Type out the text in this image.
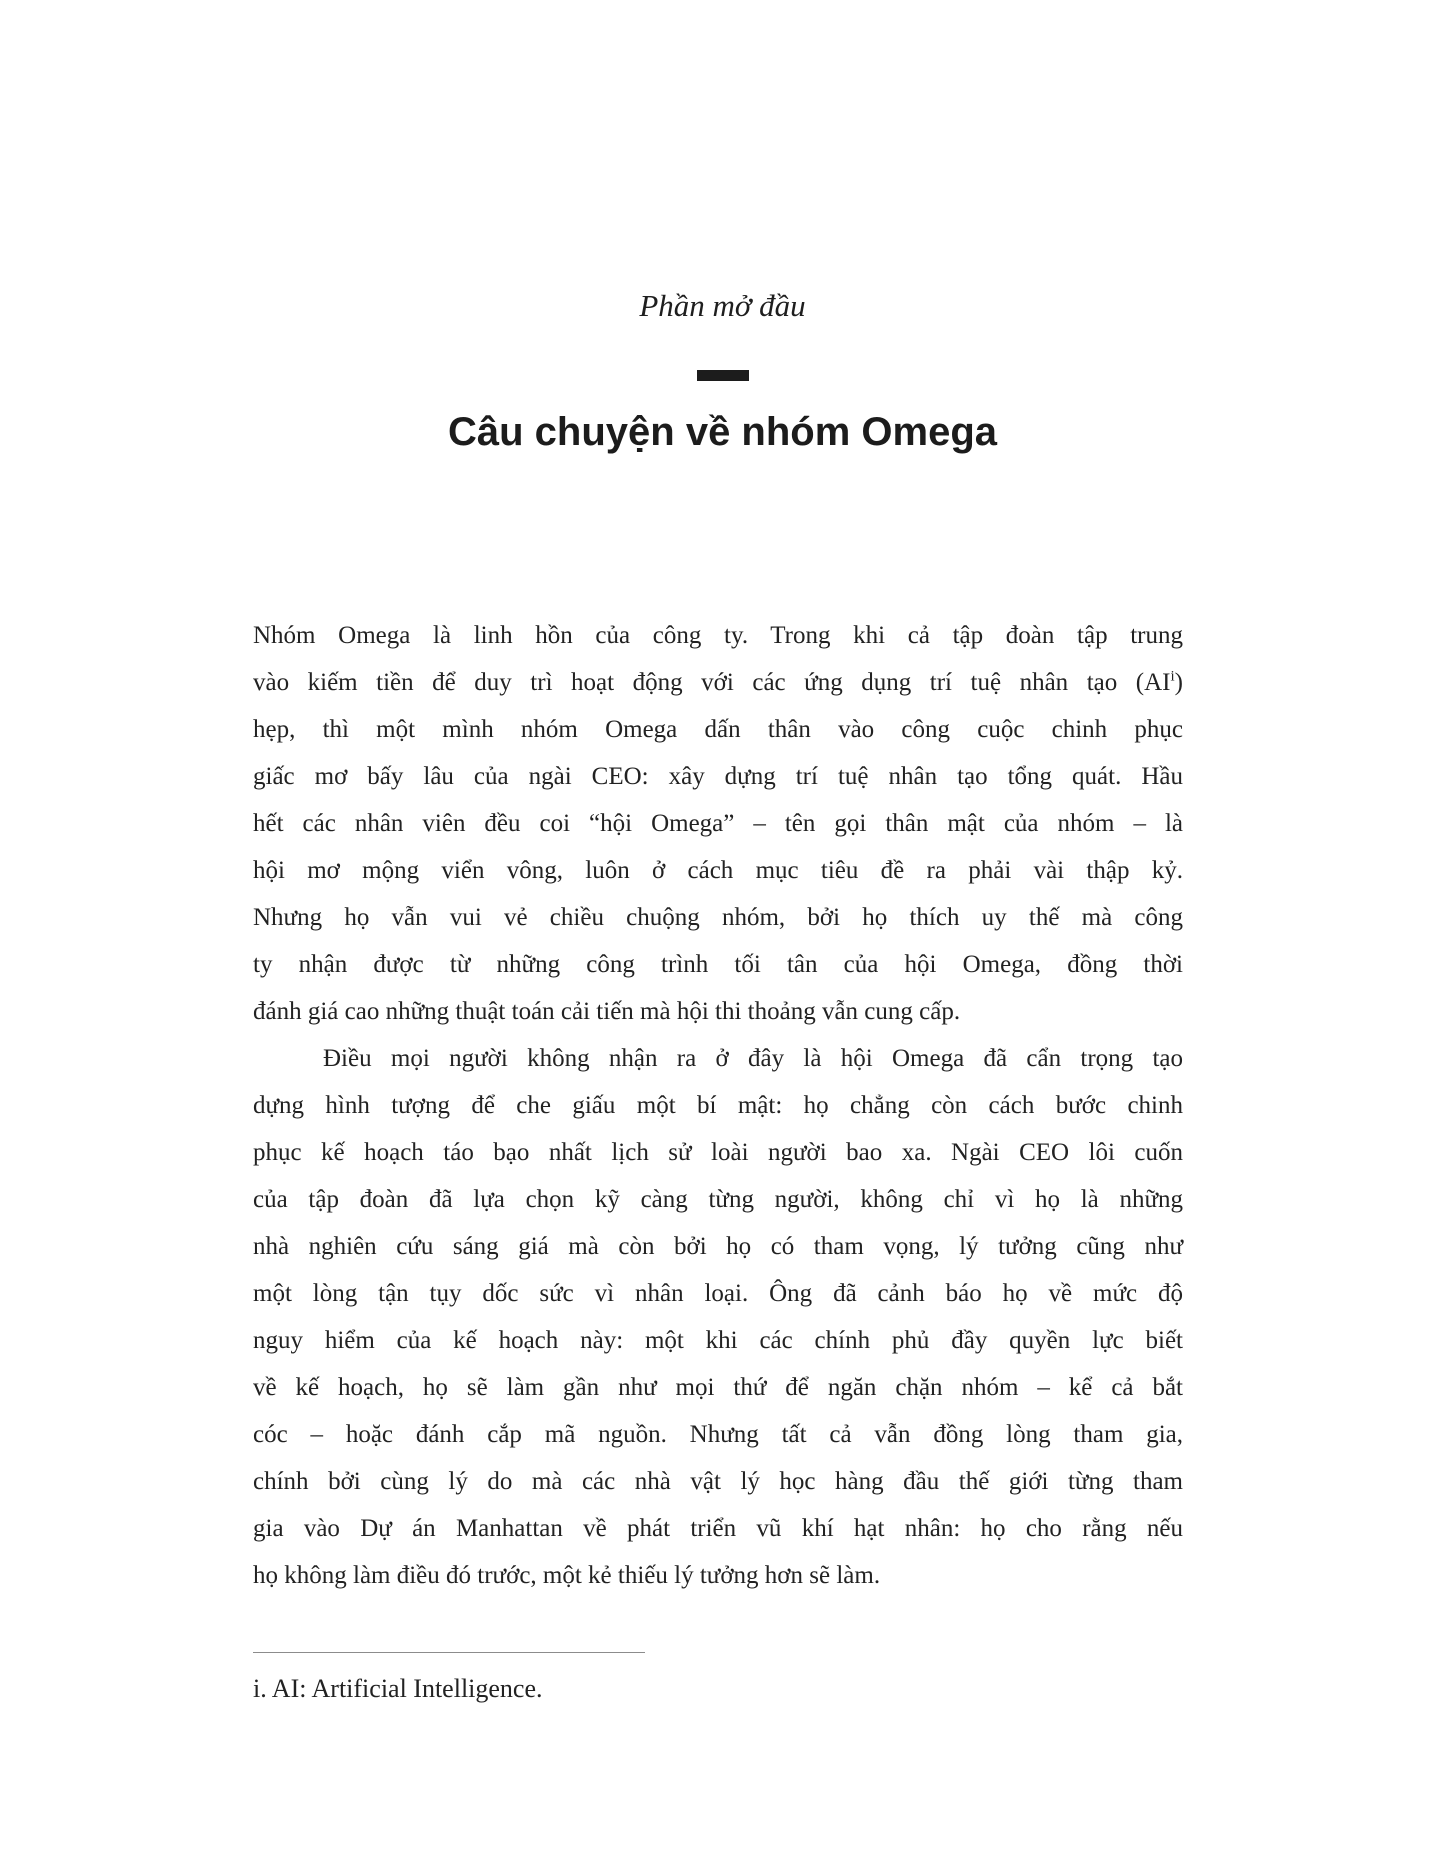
Phần mở đầu
Câu chuyện về nhóm Omega
Nhóm Omega là linh hồn của công ty. Trong khi cả tập đoàn tập trung
vào kiếm tiền để duy trì hoạt động với các ứng dụng trí tuệ nhân tạo $(AI^i)$
hẹp, thì một mình nhóm Omega dấn thân vào công cuộc chinh phục
giấc mơ bấy lâu của ngài CEO: xây dựng trí tuệ nhân tạo tổng quát. Hầu
hết các nhân viên đều coi “hội Omega” – tên gọi thân mật của nhóm – là
hội mơ mộng viển vông, luôn ở cách mục tiêu đề ra phải vài thập kỷ.
Nhưng họ vẫn vui vẻ chiều chuộng nhóm, bởi họ thích uy thế mà công
ty nhận được từ những công trình tối tân của hội Omega, đồng thời
đánh giá cao những thuật toán cải tiến mà hội thi thoảng vẫn cung cấp.
Điều mọi người không nhận ra ở đây là hội Omega đã cẩn trọng tạo
dựng hình tượng để che giấu một bí mật: họ chẳng còn cách bước chinh
phục kế hoạch táo bạo nhất lịch sử loài người bao xa. Ngài CEO lôi cuốn
của tập đoàn đã lựa chọn kỹ càng từng người, không chỉ vì họ là những
nhà nghiên cứu sáng giá mà còn bởi họ có tham vọng, lý tưởng cũng như
một lòng tận tụy dốc sức vì nhân loại. Ông đã cảnh báo họ về mức độ
nguy hiểm của kế hoạch này: một khi các chính phủ đầy quyền lực biết
về kế hoạch, họ sẽ làm gần như mọi thứ để ngăn chặn nhóm – kể cả bắt
cóc – hoặc đánh cắp mã nguồn. Nhưng tất cả vẫn đồng lòng tham gia,
chính bởi cùng lý do mà các nhà vật lý học hàng đầu thế giới từng tham
gia vào Dự án Manhattan về phát triển vũ khí hạt nhân: họ cho rằng nếu
họ không làm điều đó trước, một kẻ thiếu lý tưởng hơn sẽ làm.
i. AI: Artificial Intelligence.
